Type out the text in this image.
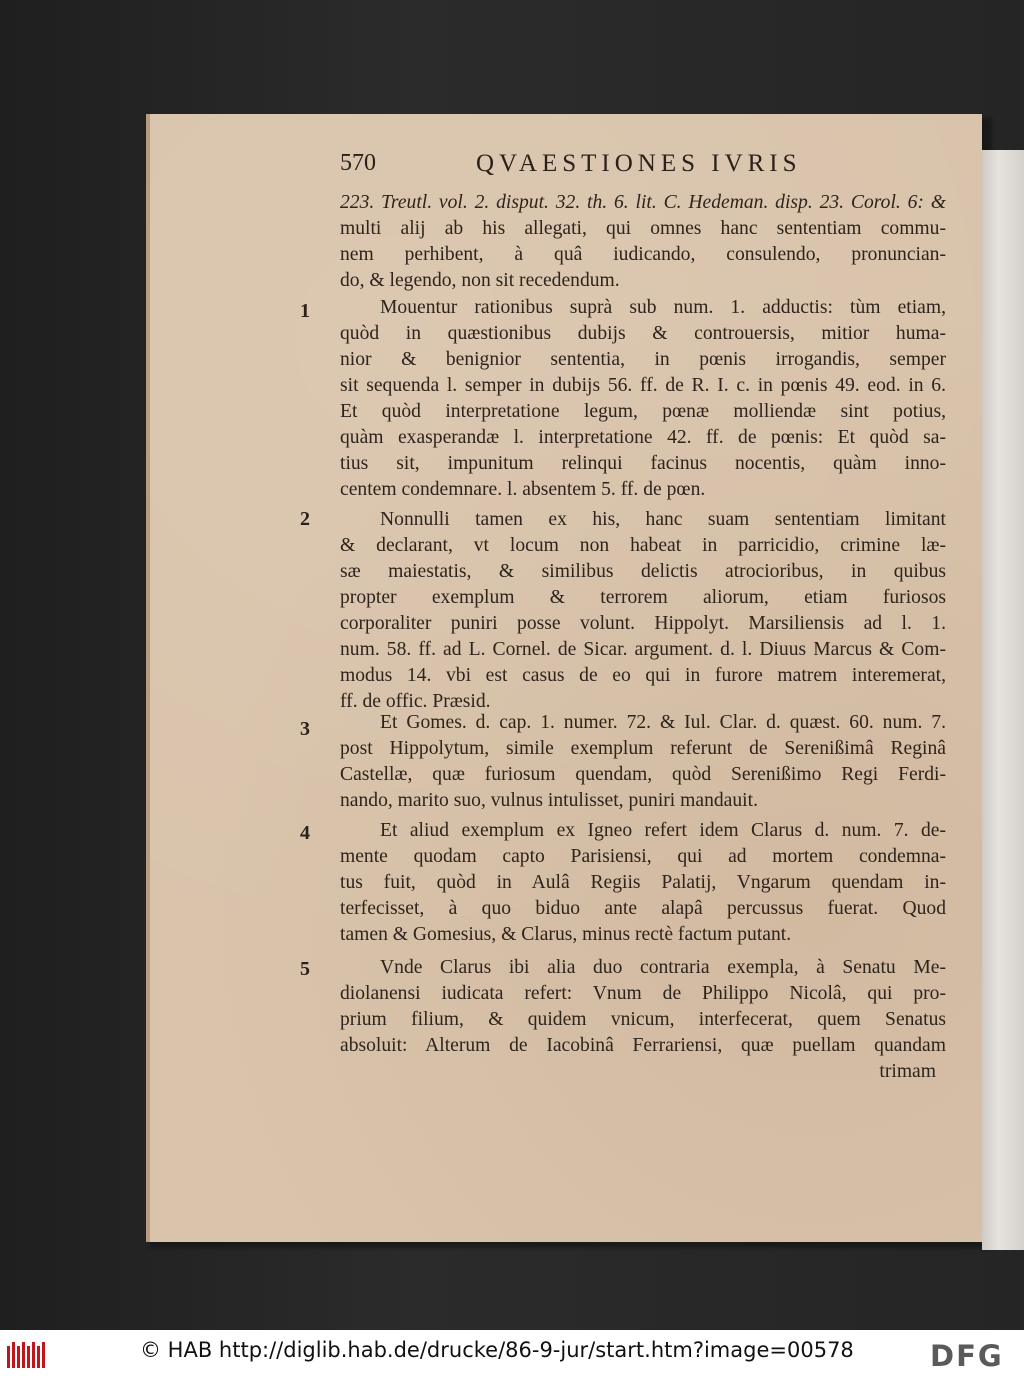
570	QVAESTIONES IVRIS
223. Treutl. vol. 2. disput. 32. th. 6. lit. C. Hedeman. disp. 23. Corol. 6: &
multi alij ab his allegati, qui omnes hanc sententiam commu-
nem perhibent, à quâ iudicando, consulendo, pronuncian-
do, & legendo, non sit recedendum.
1	Mouentur rationibus suprà sub num. 1. adductis: tùm etiam,
quòd in quæstionibus dubijs & controuersis, mitior huma-
nior & benignior sententia, in pœnis irrogandis, semper
sit sequenda l. semper in dubijs 56. ff. de R. I. c. in pœnis 49. eod. in 6.
Et quòd interpretatione legum, pœnæ molliendæ sint potius,
quàm exasperandæ l. interpretatione 42. ff. de pœnis: Et quòd sa-
tius sit, impunitum relinqui facinus nocentis, quàm inno-
centem condemnare. l. absentem 5. ff. de pœn.
2	Nonnulli tamen ex his, hanc suam sententiam limitant
& declarant, vt locum non habeat in parricidio, crimine læ-
sæ maiestatis, & similibus delictis atrocioribus, in quibus
propter exemplum & terrorem aliorum, etiam furiosos
corporaliter puniri posse volunt. Hippolyt. Marsiliensis ad l. 1.
num. 58. ff. ad L. Cornel. de Sicar. argument. d. l. Diuus Marcus & Com-
modus 14. vbi est casus de eo qui in furore matrem interemerat,
ff. de offic. Præsid.
3	Et Gomes. d. cap. 1. numer. 72. & Iul. Clar. d. quæst. 60. num. 7.
post Hippolytum, simile exemplum referunt de Serenißimâ Reginâ
Castellæ, quæ furiosum quendam, quòd Serenißimo Regi Ferdi-
nando, marito suo, vulnus intulisset, puniri mandauit.
4	Et aliud exemplum ex Igneo refert idem Clarus d. num. 7. de-
mente quodam capto Parisiensi, qui ad mortem condemna-
tus fuit, quòd in Aulâ Regiis Palatij, Vngarum quendam in-
terfecisset, à quo biduo ante alapâ percussus fuerat. Quod
tamen & Gomesius, & Clarus, minus rectè factum putant.
5	Vnde Clarus ibi alia duo contraria exempla, à Senatu Me-
diolanensi iudicata refert: Vnum de Philippo Nicolâ, qui pro-
prium filium, & quidem vnicum, interfecerat, quem Senatus
absoluit: Alterum de Iacobinâ Ferrariensi, quæ puellam quandam
trimam
© HAB http://diglib.hab.de/drucke/86-9-jur/start.htm?image=00578	DFG
